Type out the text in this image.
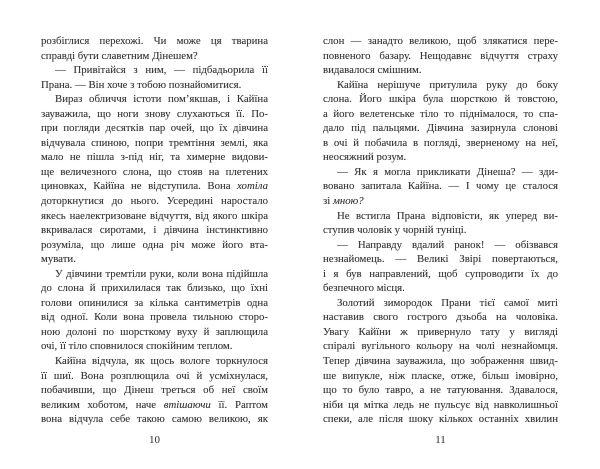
розбіглися перехожі. Чи може ця тварина
справді бути славетним Дінешем?
— Привітайся з ним, — підбадьорила її
Прана. — Він хоче з тобою познайомитися.
Вираз обличчя істоти пом’якшав, і Кайїна
зауважила, що ноги знову слухаються її. По-
при погляди десятків пар очей, що їх дівчина
відчувала спиною, попри тремтіння землі, яка
мало не пішла з-під ніг, та химерне видови-
ще величезного слона, що стояв на плетених
циновках, Кайїна не відступила. Вона хотіла
доторкнутися до нього. Усередині наростало
якесь наелектризоване відчуття, від якого шкіра
вкривалася сиротами, і дівчина інстинктивно
розуміла, що лише одна річ може його вта-
мувати.
У дівчини тремтіли руки, коли вона підійшла
до слона й прихилилася так близько, що їхні
голови опинилися за кілька сантиметрів одна
від одної. Коли вона провела тильною сторо-
ною долоні по шорсткому вуху й заплющила
очі, її тіло сповнилося спокійним теплом.
Кайїна відчула, як щось вологе торкнулося
її шиї. Вона розплющила очі й усміхнулася,
побачивши, що Дінеш треться об неї своїм
великим хоботом, наче втішаючи її. Раптом
вона відчула себе такою самою великою, як
10
слон — занадто великою, щоб злякатися пере-
повненого базару. Нещодавнє відчуття страху
видавалося смішним.
Кайїна нерішуче притулила руку до боку
слона. Його шкіра була шорсткою й товстою,
а його велетенське тіло то піднімалося, то спа-
дало під пальцями. Дівчина зазирнула слонові
в очі й побачила в погляді, зверненому на неї,
неосяжний розум.
— Як я могла прикликати Дінеша? — зди-
вовано запитала Кайїна. — І чому це сталося
зі мною?
Не встигла Прана відповісти, як уперед ви-
ступив чоловік у чорній туніці.
— Направду вдалий ранок! — обізвався
незнайомець. — Великі Звірі повертаються,
і я був направлений, щоб супроводити їх до
безпечного місця.
Золотий зимородок Прани тієї самої миті
наставив свого гострого дзьоба на чоловіка.
Увагу Кайїни ж привернуло тату у вигляді
спіралі вугільного кольору на чолі незнайомця.
Тепер дівчина зауважила, що зображення швид-
ше випукле, ніж пласке, отже, більш імовірно,
що то було тавро, а не татуювання. Здавалося,
ніби ця мітка ледь не пульсує від навколишньої
спеки, але після шоку кількох останніх хвилин
11
